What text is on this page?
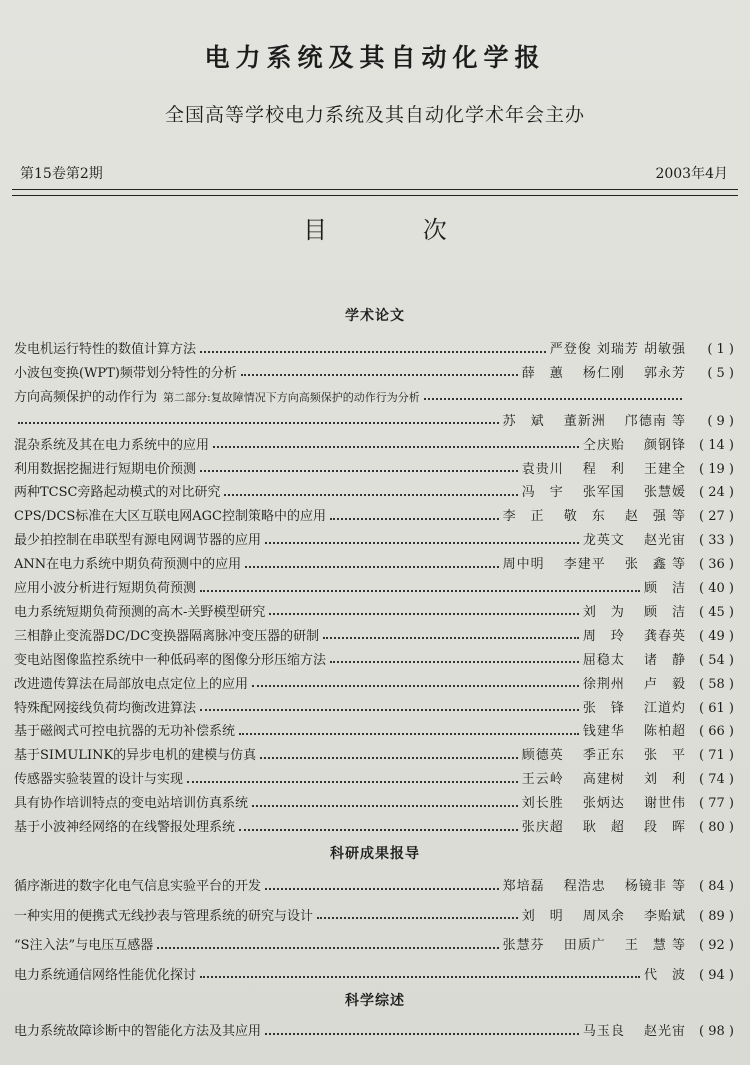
电力系统及其自动化学报
全国高等学校电力系统及其自动化学术年会主办
第15卷第2期	2003年4月
目 次
学术论文
发电机运行特性的数值计算方法	严登俊 刘瑞芳 胡敏强	( 1 )
小波包变换(WPT)频带划分特性的分析	薛　蕙　 杨仁刚　 郭永芳	( 5 )
方向高频保护的动作行为 第二部分:复故障情况下方向高频保护的动作行为分析
苏　斌　 董新洲　 邝德南 等	( 9 )
混杂系统及其在电力系统中的应用	仝庆贻　 颜钢锋	( 14 )
利用数据挖掘进行短期电价预测	袁贵川　 程　利　 王建全	( 19 )
两种TCSC旁路起动模式的对比研究	冯　宇　 张军国　 张慧媛	( 24 )
CPS/DCS标准在大区互联电网AGC控制策略中的应用	李　正　 敬　东　 赵　强 等	( 27 )
最少拍控制在串联型有源电网调节器的应用	龙英文　 赵光宙	( 33 )
ANN在电力系统中期负荷预测中的应用	周中明　 李建平　 张　鑫 等	( 36 )
应用小波分析进行短期负荷预测	顾　洁	( 40 )
电力系统短期负荷预测的高木-关野模型研究	刘　为　 顾　洁	( 45 )
三相静止变流器DC/DC变换器隔离脉冲变压器的研制	周　玲　 龚春英	( 49 )
变电站图像监控系统中一种低码率的图像分形压缩方法	屈稳太　 诸　静	( 54 )
改进遗传算法在局部放电点定位上的应用	徐荆州　 卢　毅	( 58 )
特殊配网接线负荷均衡改进算法	张　锋　 江道灼	( 61 )
基于磁阀式可控电抗器的无功补偿系统	钱建华　 陈柏超	( 66 )
基于SIMULINK的异步电机的建模与仿真	顾德英　 季正东　 张　平	( 71 )
传感器实验装置的设计与实现	王云岭　 高建树　 刘　利	( 74 )
具有协作培训特点的变电站培训仿真系统	刘长胜　 张炳达　 谢世伟	( 77 )
基于小波神经网络的在线警报处理系统	张庆超　 耿　超　 段　晖	( 80 )
科研成果报导
循序渐进的数字化电气信息实验平台的开发	郑培磊　 程浩忠　 杨镜非 等	( 84 )
一种实用的便携式无线抄表与管理系统的研究与设计	刘　明　 周凤余　 李贻斌	( 89 )
“S注入法”与电压互感器	张慧芬　 田质广　 王　慧 等	( 92 )
电力系统通信网络性能优化探讨	代　波	( 94 )
科学综述
电力系统故障诊断中的智能化方法及其应用	马玉良　 赵光宙	( 98 )
